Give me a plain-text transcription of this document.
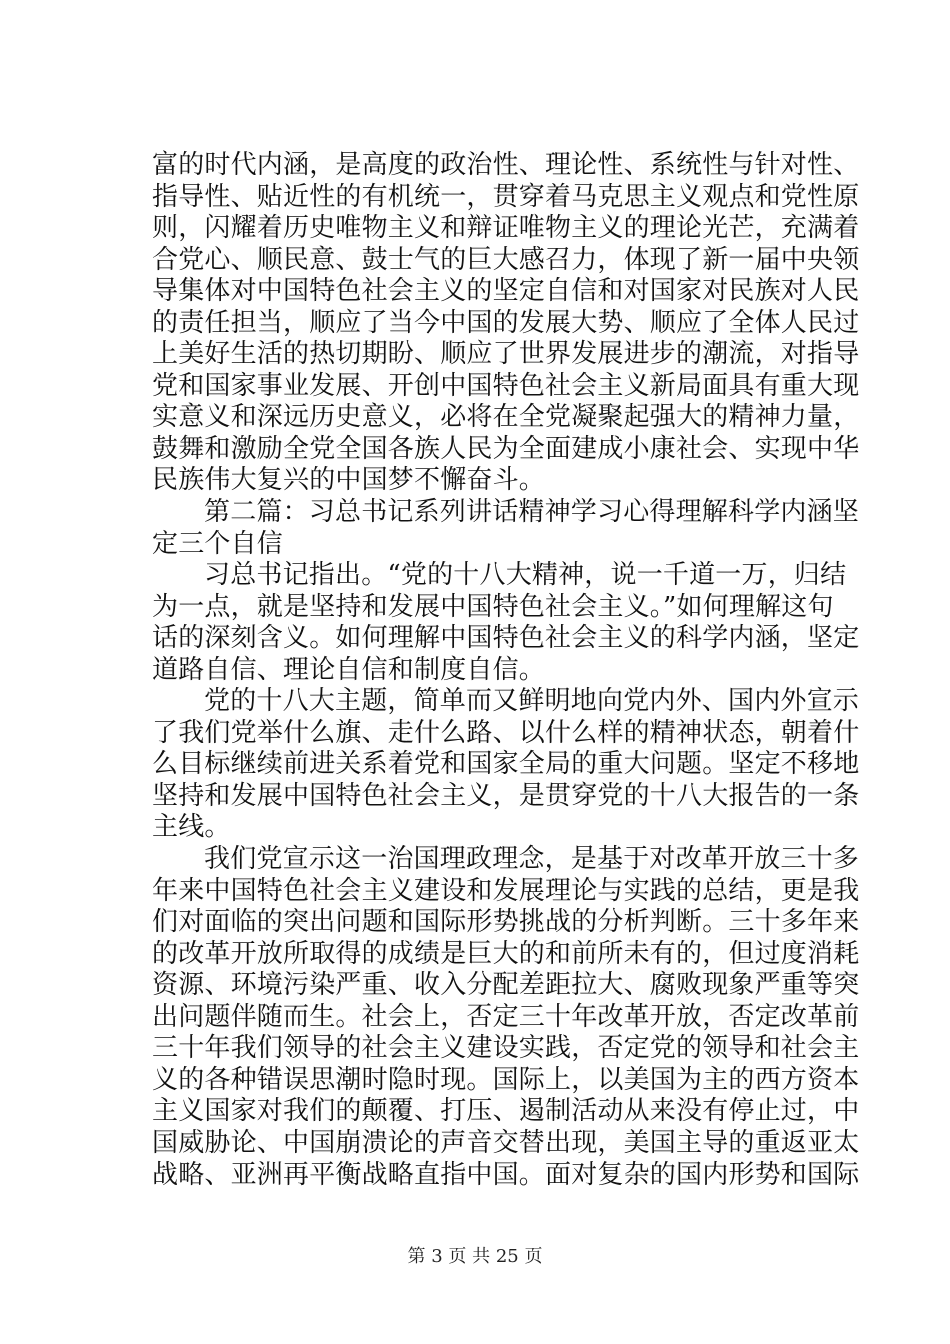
富的时代内涵，是高度的政治性、理论性、系统性与针对性、
指导性、贴近性的有机统一，贯穿着马克思主义观点和党性原
则，闪耀着历史唯物主义和辩证唯物主义的理论光芒，充满着
合党心、顺民意、鼓士气的巨大感召力，体现了新一届中央领
导集体对中国特色社会主义的坚定自信和对国家对民族对人民
的责任担当，顺应了当今中国的发展大势、顺应了全体人民过
上美好生活的热切期盼、顺应了世界发展进步的潮流，对指导
党和国家事业发展、开创中国特色社会主义新局面具有重大现
实意义和深远历史意义，必将在全党凝聚起强大的精神力量，
鼓舞和激励全党全国各族人民为全面建成小康社会、实现中华
民族伟大复兴的中国梦不懈奋斗。
第二篇：习总书记系列讲话精神学习心得理解科学内涵坚
定三个自信
习总书记指出。“党的十八大精神，说一千道一万，归结
为一点，就是坚持和发展中国特色社会主义。”如何理解这句
话的深刻含义。如何理解中国特色社会主义的科学内涵，坚定
道路自信、理论自信和制度自信。
党的十八大主题，简单而又鲜明地向党内外、国内外宣示
了我们党举什么旗、走什么路、以什么样的精神状态，朝着什
么目标继续前进关系着党和国家全局的重大问题。坚定不移地
坚持和发展中国特色社会主义，是贯穿党的十八大报告的一条
主线。
我们党宣示这一治国理政理念，是基于对改革开放三十多
年来中国特色社会主义建设和发展理论与实践的总结，更是我
们对面临的突出问题和国际形势挑战的分析判断。三十多年来
的改革开放所取得的成绩是巨大的和前所未有的，但过度消耗
资源、环境污染严重、收入分配差距拉大、腐败现象严重等突
出问题伴随而生。社会上，否定三十年改革开放，否定改革前
三十年我们领导的社会主义建设实践，否定党的领导和社会主
义的各种错误思潮时隐时现。国际上，以美国为主的西方资本
主义国家对我们的颠覆、打压、遏制活动从来没有停止过，中
国威胁论、中国崩溃论的声音交替出现，美国主导的重返亚太
战略、亚洲再平衡战略直指中国。面对复杂的国内形势和国际
第 3 页 共 25 页
